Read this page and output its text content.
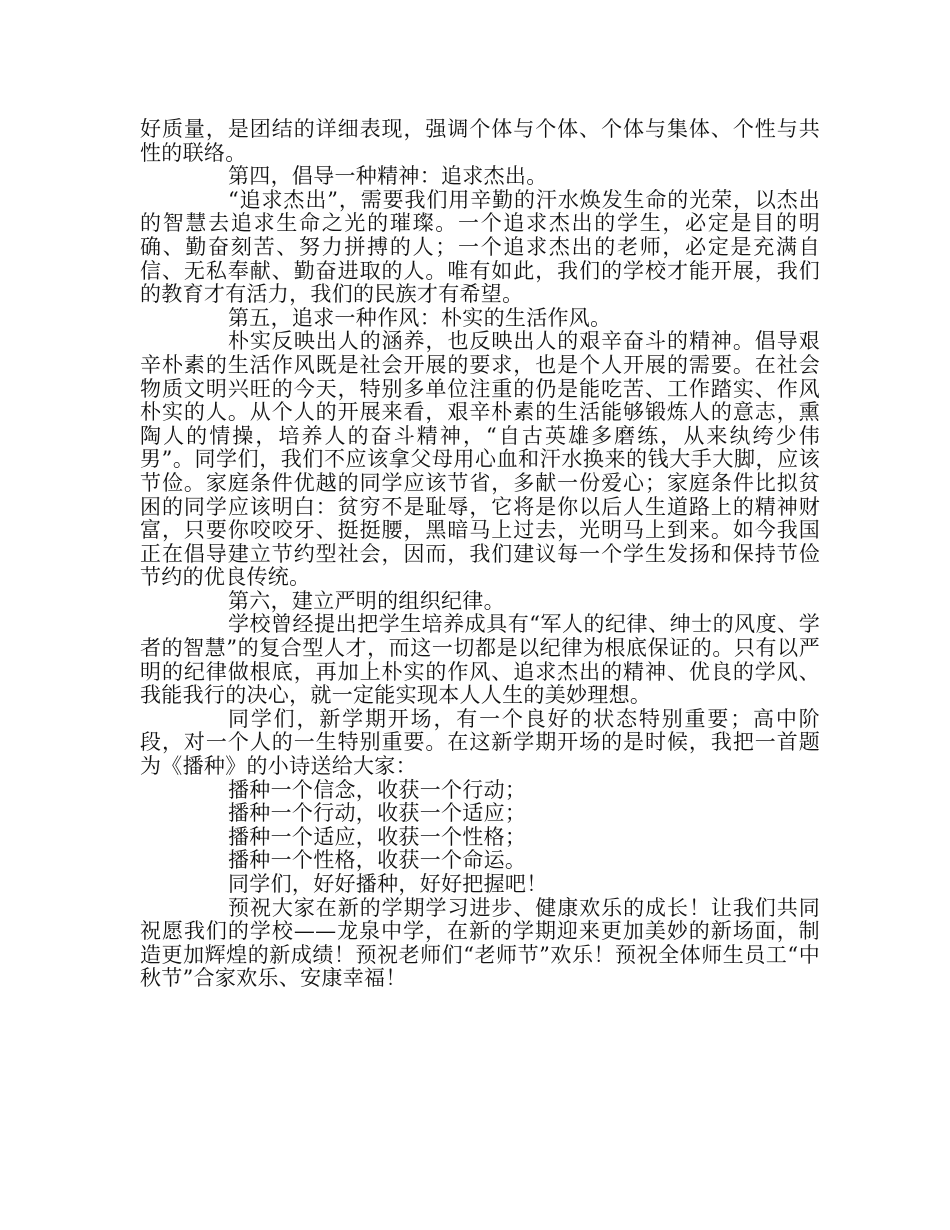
好质量，是团结的详细表现，强调个体与个体、个体与集体、个性与共性的联络。

第四，倡导一种精神：追求杰出。

“追求杰出”，需要我们用辛勤的汗水焕发生命的光荣，以杰出的智慧去追求生命之光的璀璨。一个追求杰出的学生，必定是目的明确、勤奋刻苦、努力拼搏的人；一个追求杰出的老师，必定是充满自信、无私奉献、勤奋进取的人。唯有如此，我们的学校才能开展，我们的教育才有活力，我们的民族才有希望。

第五，追求一种作风：朴实的生活作风。

朴实反映出人的涵养，也反映出人的艰辛奋斗的精神。倡导艰辛朴素的生活作风既是社会开展的要求，也是个人开展的需要。在社会物质文明兴旺的今天，特别多单位注重的仍是能吃苦、工作踏实、作风朴实的人。从个人的开展来看，艰辛朴素的生活能够锻炼人的意志，熏陶人的情操，培养人的奋斗精神，“自古英雄多磨练，从来纨绔少伟男”。同学们，我们不应该拿父母用心血和汗水换来的钱大手大脚，应该节俭。家庭条件优越的同学应该节省，多献一份爱心；家庭条件比拟贫困的同学应该明白：贫穷不是耻辱，它将是你以后人生道路上的精神财富，只要你咬咬牙、挺挺腰，黑暗马上过去，光明马上到来。如今我国正在倡导建立节约型社会，因而，我们建议每一个学生发扬和保持节俭节约的优良传统。

第六，建立严明的组织纪律。

学校曾经提出把学生培养成具有“军人的纪律、绅士的风度、学者的智慧”的复合型人才，而这一切都是以纪律为根底保证的。只有以严明的纪律做根底，再加上朴实的作风、追求杰出的精神、优良的学风、我能我行的决心，就一定能实现本人人生的美妙理想。

同学们，新学期开场，有一个良好的状态特别重要；高中阶段，对一个人的一生特别重要。在这新学期开场的是时候，我把一首题为《播种》的小诗送给大家：

播种一个信念，收获一个行动；

播种一个行动，收获一个适应；

播种一个适应，收获一个性格；

播种一个性格，收获一个命运。

同学们，好好播种，好好把握吧！

预祝大家在新的学期学习进步、健康欢乐的成长！让我们共同祝愿我们的学校——龙泉中学，在新的学期迎来更加美妙的新场面，制造更加辉煌的新成绩！预祝老师们“老师节”欢乐！预祝全体师生员工“中秋节”合家欢乐、安康幸福！
